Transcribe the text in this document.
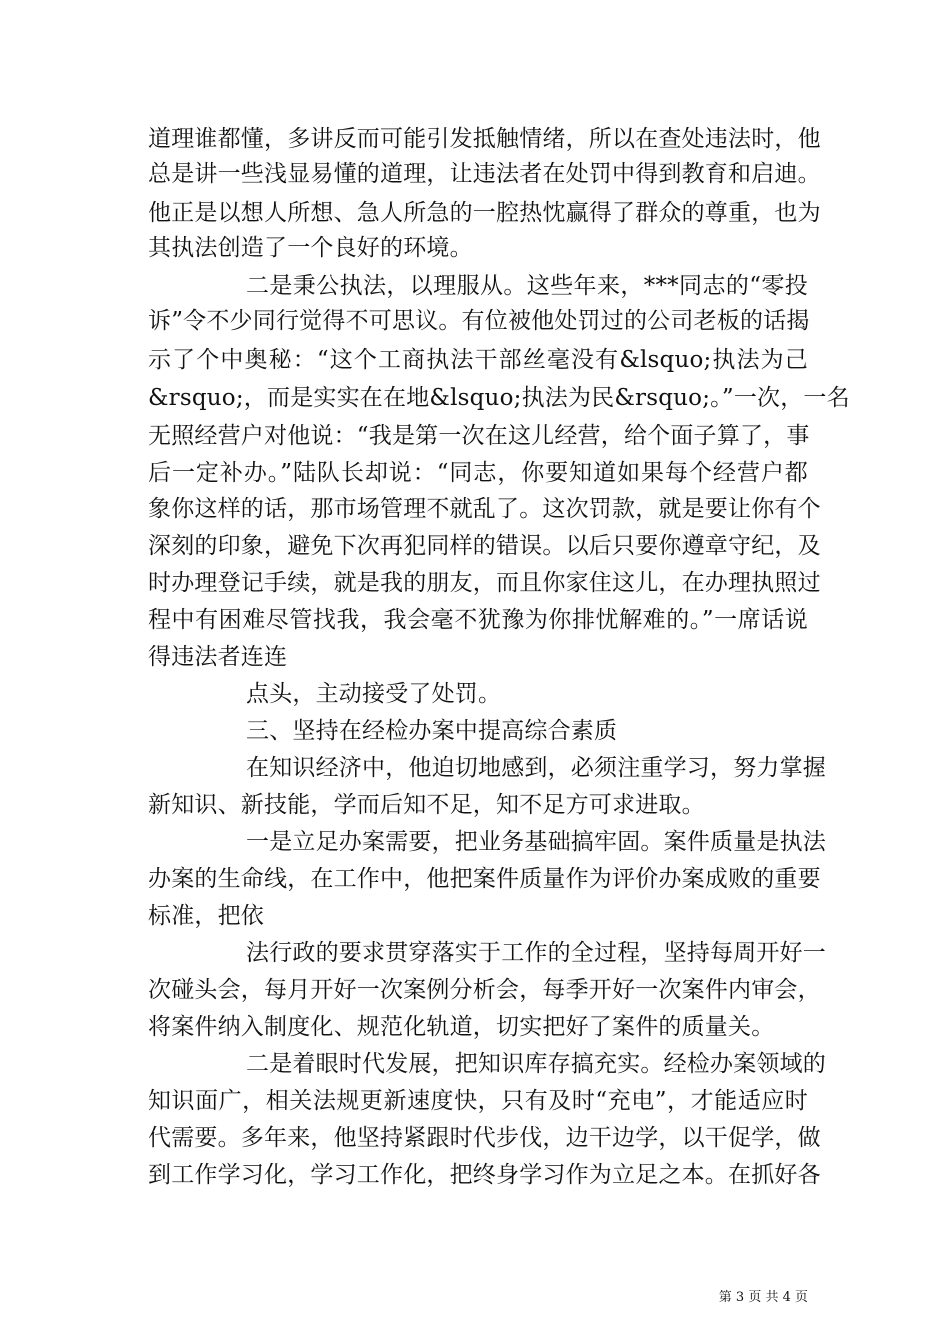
道理谁都懂，多讲反而可能引发抵触情绪，所以在查处违法时，他
总是讲一些浅显易懂的道理，让违法者在处罚中得到教育和启迪。
他正是以想人所想、急人所急的一腔热忱赢得了群众的尊重，也为
其执法创造了一个良好的环境。
二是秉公执法，以理服从。这些年来，***同志的“零投
诉”令不少同行觉得不可思议。有位被他处罚过的公司老板的话揭
示了个中奥秘：“这个工商执法干部丝毫没有&lsquo;执法为己
&rsquo;，而是实实在在地&lsquo;执法为民&rsquo;。”一次，一名
无照经营户对他说：“我是第一次在这儿经营，给个面子算了，事
后一定补办。”陆队长却说：“同志，你要知道如果每个经营户都
象你这样的话，那市场管理不就乱了。这次罚款，就是要让你有个
深刻的印象，避免下次再犯同样的错误。以后只要你遵章守纪，及
时办理登记手续，就是我的朋友，而且你家住这儿，在办理执照过
程中有困难尽管找我，我会毫不犹豫为你排忧解难的。”一席话说
得违法者连连
点头，主动接受了处罚。
三、坚持在经检办案中提高综合素质
在知识经济中，他迫切地感到，必须注重学习，努力掌握
新知识、新技能，学而后知不足，知不足方可求进取。
一是立足办案需要，把业务基础搞牢固。案件质量是执法
办案的生命线，在工作中，他把案件质量作为评价办案成败的重要
标准，把依
法行政的要求贯穿落实于工作的全过程，坚持每周开好一
次碰头会，每月开好一次案例分析会，每季开好一次案件内审会，
将案件纳入制度化、规范化轨道，切实把好了案件的质量关。
二是着眼时代发展，把知识库存搞充实。经检办案领域的
知识面广，相关法规更新速度快，只有及时“充电”，才能适应时
代需要。多年来，他坚持紧跟时代步伐，边干边学，以干促学，做
到工作学习化，学习工作化，把终身学习作为立足之本。在抓好各
第 3 页 共 4 页
